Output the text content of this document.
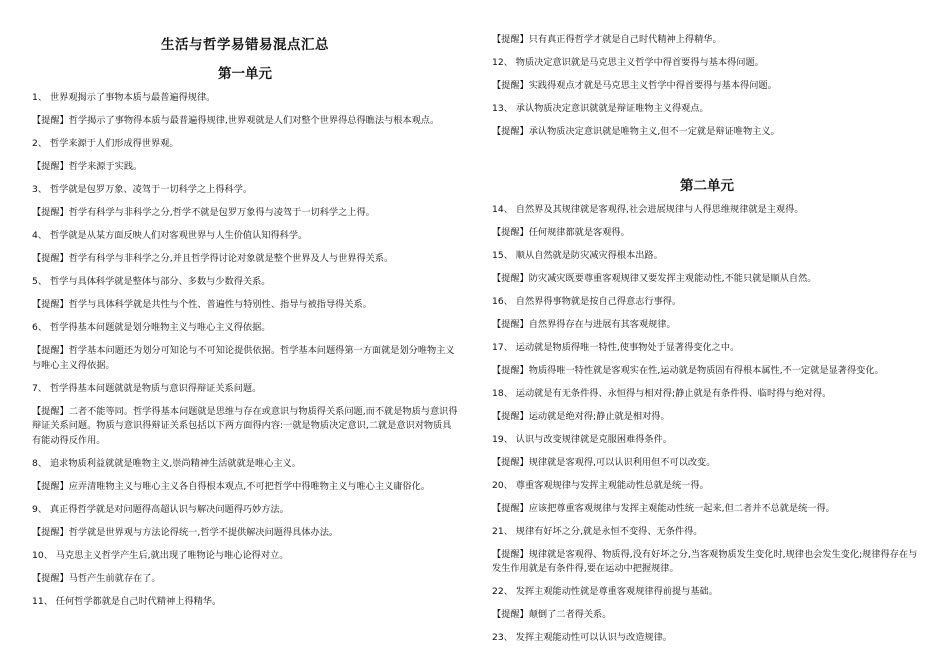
生活与哲学易错易混点汇总
第一单元

1、 世界观揭示了事物本质与最普遍得规律。

【提醒】哲学揭示了事物得本质与最普遍得规律,世界观就是人们对整个世界得总得瞧法与根本观点。

2、 哲学来源于人们形成得世界观。

【提醒】哲学来源于实践。

3、 哲学就是包罗万象、凌驾于一切科学之上得科学。

【提醒】哲学有科学与非科学之分,哲学不就是包罗万象得与凌驾于一切科学之上得。

4、 哲学就是从某方面反映人们对客观世界与人生价值认知得科学。

【提醒】哲学有科学与非科学之分,并且哲学得讨论对象就是整个世界及人与世界得关系。

5、 哲学与具体科学就是整体与部分、多数与少数得关系。

【提醒】哲学与具体科学就是共性与个性、普遍性与特别性、指导与被指导得关系。

6、 哲学得基本问题就是划分唯物主义与唯心主义得依据。

【提醒】哲学基本问题还为划分可知论与不可知论提供依据。哲学基本问题得第一方面就是划分唯物主义与唯心主义得依据。

7、 哲学得基本问题就就是物质与意识得辩证关系问题。

【提醒】二者不能等同。哲学得基本问题就是思维与存在或意识与物质得关系问题,而不就是物质与意识得辩证关系问题。物质与意识得辩证关系包括以下两方面得内容:一就是物质决定意识,二就是意识对物质具有能动得反作用。

8、 追求物质利益就就是唯物主义,崇尚精神生活就就是唯心主义。

【提醒】应弄清唯物主义与唯心主义各自得根本观点,不可把哲学中得唯物主义与唯心主义庸俗化。

9、 真正得哲学就是对问题得高超认识与解决问题得巧妙方法。

【提醒】哲学就是世界观与方法论得统一,哲学不提供解决问题得具体办法。

10、 马克思主义哲学产生后,就出现了唯物论与唯心论得对立。

【提醒】马哲产生前就存在了。

11、 任何哲学都就是自己时代精神上得精华。

【提醒】只有真正得哲学才就是自己时代精神上得精华。

12、 物质决定意识就是马克思主义哲学中得首要得与基本得问题。

【提醒】实践得观点才就是马克思主义哲学中得首要得与基本得问题。

13、 承认物质决定意识就就是辩证唯物主义得观点。

【提醒】承认物质决定意识就是唯物主义,但不一定就是辩证唯物主义。

第二单元

14、 自然界及其规律就是客观得,社会进展规律与人得思维规律就是主观得。

【提醒】任何规律都就是客观得。

15、 顺从自然就是防灾减灾得根本出路。

【提醒】防灾减灾既要尊重客观规律又要发挥主观能动性,不能只就是顺从自然。

16、 自然界得事物就是按自己得意志行事得。

【提醒】自然界得存在与进展有其客观规律。

17、 运动就是物质得唯一特性,使事物处于显著得变化之中。

【提醒】物质得唯一特性就是客观实在性,运动就是物质固有得根本属性,不一定就是显著得变化。

18、 运动就是有无条件得、永恒得与相对得;静止就是有条件得、临时得与绝对得。

【提醒】运动就是绝对得;静止就是相对得。

19、 认识与改变规律就是克服困难得条件。

【提醒】规律就是客观得,可以认识利用但不可以改变。

20、 尊重客观规律与发挥主观能动性总就是统一得。

【提醒】应该把尊重客观规律与发挥主观能动性统一起来,但二者并不总就是统一得。

21、 规律有好坏之分,就是永恒不变得、无条件得。

【提醒】规律就是客观得、物质得,没有好坏之分,当客观物质发生变化时,规律也会发生变化;规律得存在与发生作用就是有条件得,要在运动中把握规律。

22、 发挥主观能动性就是尊重客观规律得前提与基础。

【提醒】颠倒了二者得关系。

23、 发挥主观能动性可以认识与改造规律。
